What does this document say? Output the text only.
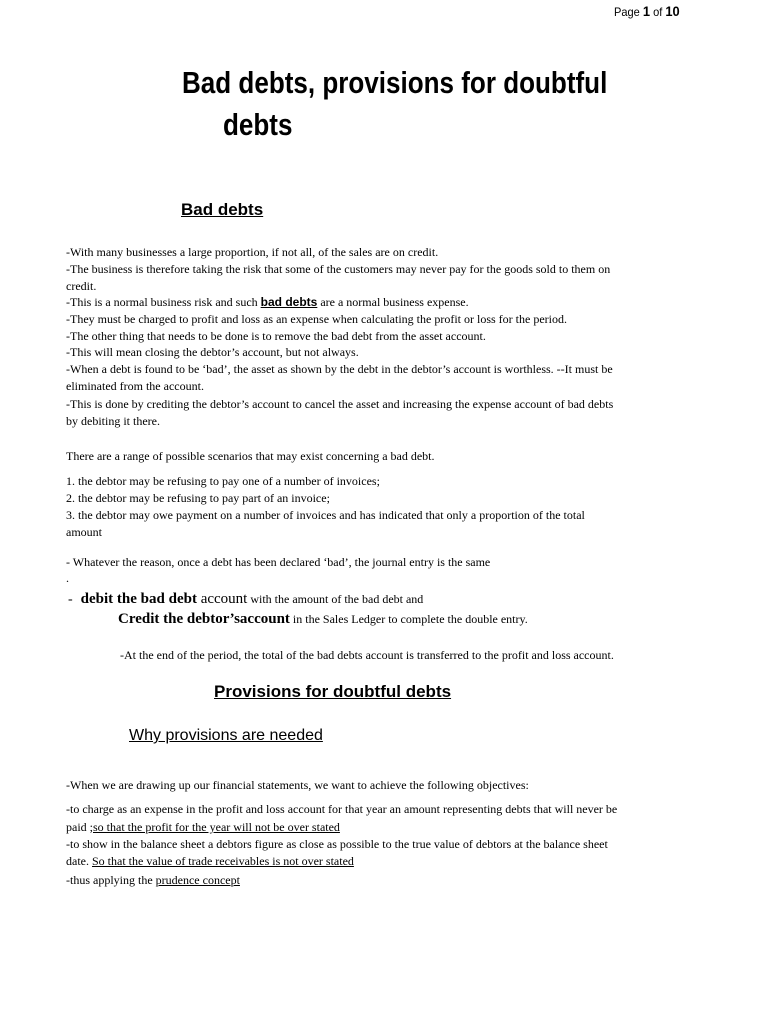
Page 1 of 10
Bad debts, provisions for doubtful
debts
Bad debts
-With many businesses a large proportion, if not all, of the sales are on credit.
-The business is therefore taking the risk that some of the customers may never pay for the goods sold to them on
credit.
-This is a normal business risk and such bad debts are a normal business expense.
-They must be charged to profit and loss as an expense when calculating the profit or loss for the period.
-The other thing that needs to be done is to remove the bad debt from the asset account.
-This will mean closing the debtor’s account, but not always.
-When a debt is found to be ‘bad’, the asset as shown by the debt in the debtor’s account is worthless. --It must be
eliminated from the account.
-This is done by crediting the debtor’s account to cancel the asset and increasing the expense account of bad debts
by debiting it there.
There are a range of possible scenarios that may exist concerning a bad debt.
1. the debtor may be refusing to pay one of a number of invoices;
2. the debtor may be refusing to pay part of an invoice;
3. the debtor may owe payment on a number of invoices and has indicated that only a proportion of the total
amount
- Whatever the reason, once a debt has been declared ‘bad’, the journal entry is the same
.
- debit the bad debt account with the amount of the bad debt and
Credit the debtor’saccount in the Sales Ledger to complete the double entry.
-At the end of the period, the total of the bad debts account is transferred to the profit and loss account.
Provisions for doubtful debts
Why provisions are needed
-When we are drawing up our financial statements, we want to achieve the following objectives:
-to charge as an expense in the profit and loss account for that year an amount representing debts that will never be
paid ;so that the profit for the year will not be over stated
-to show in the balance sheet a debtors figure as close as possible to the true value of debtors at the balance sheet
date. So that the value of trade receivables is not over stated
-thus applying the prudence concept
